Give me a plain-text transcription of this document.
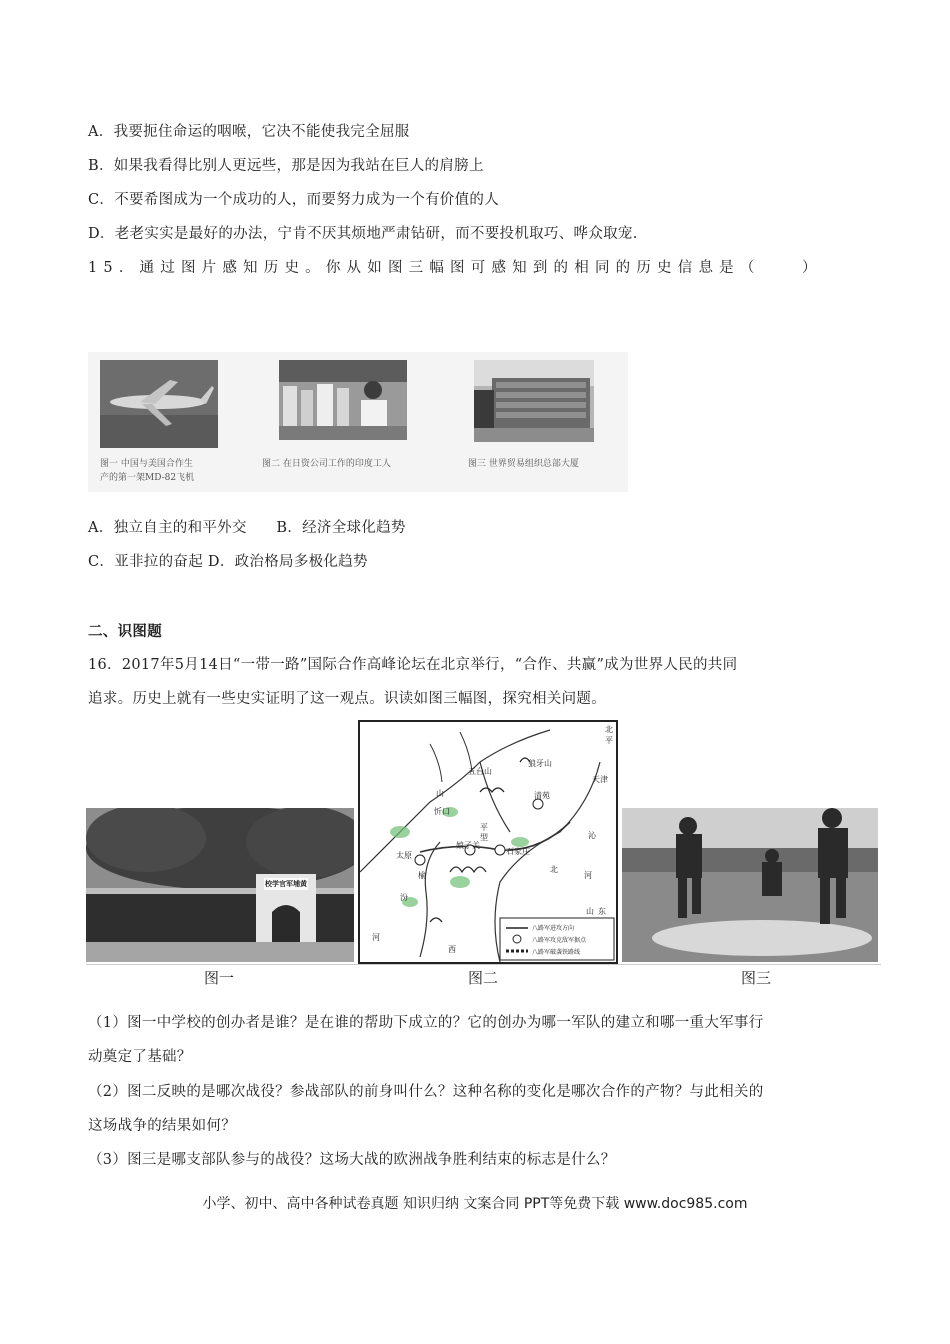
A．我要扼住命运的咽喉，它决不能使我完全屈服
B．如果我看得比别人更远些，那是因为我站在巨人的肩膀上
C．不要希图成为一个成功的人，而要努力成为一个有价值的人
D．老老实实是最好的办法，宁肯不厌其烦地严肃钻研，而不要投机取巧、哗众取宠.
15．通过图片感知历史。你从如图三幅图可感知到的相同的历史信息是（　　）
图一 中国与美国合作生
产的第一架MD-82飞机
图二 在日资公司工作的印度工人	图三 世界贸易组织总部大厦
A．独立自主的和平外交　　B．经济全球化趋势
C．亚非拉的奋起 D．政治格局多极化趋势
二、识图题
16．2017年5月14日“一带一路”国际合作高峰论坛在北京举行，“合作、共赢”成为世界人民的共同
追求。历史上就有一些史实证明了这一观点。识读如图三幅图，探究相关问题。
校学官军埔黄
北平
天津
五台山
狼牙山
山
忻口
清苑
平
型
太原
娘子关
石家庄
沁
北
河
山 东
西
汾
河
榆
八路军进攻方向
八路军攻克敌军据点
八路军破袭铁路线
图一	图二	图三
（1）图一中学校的创办者是谁？是在谁的帮助下成立的？它的创办为哪一军队的建立和哪一重大军事行
动奠定了基础？
（2）图二反映的是哪次战役？参战部队的前身叫什么？这种名称的变化是哪次合作的产物？与此相关的
这场战争的结果如何？
（3）图三是哪支部队参与的战役？这场大战的欧洲战争胜利结束的标志是什么？
小学、初中、高中各种试卷真题 知识归纳 文案合同 PPT等免费下载 www.doc985.com
